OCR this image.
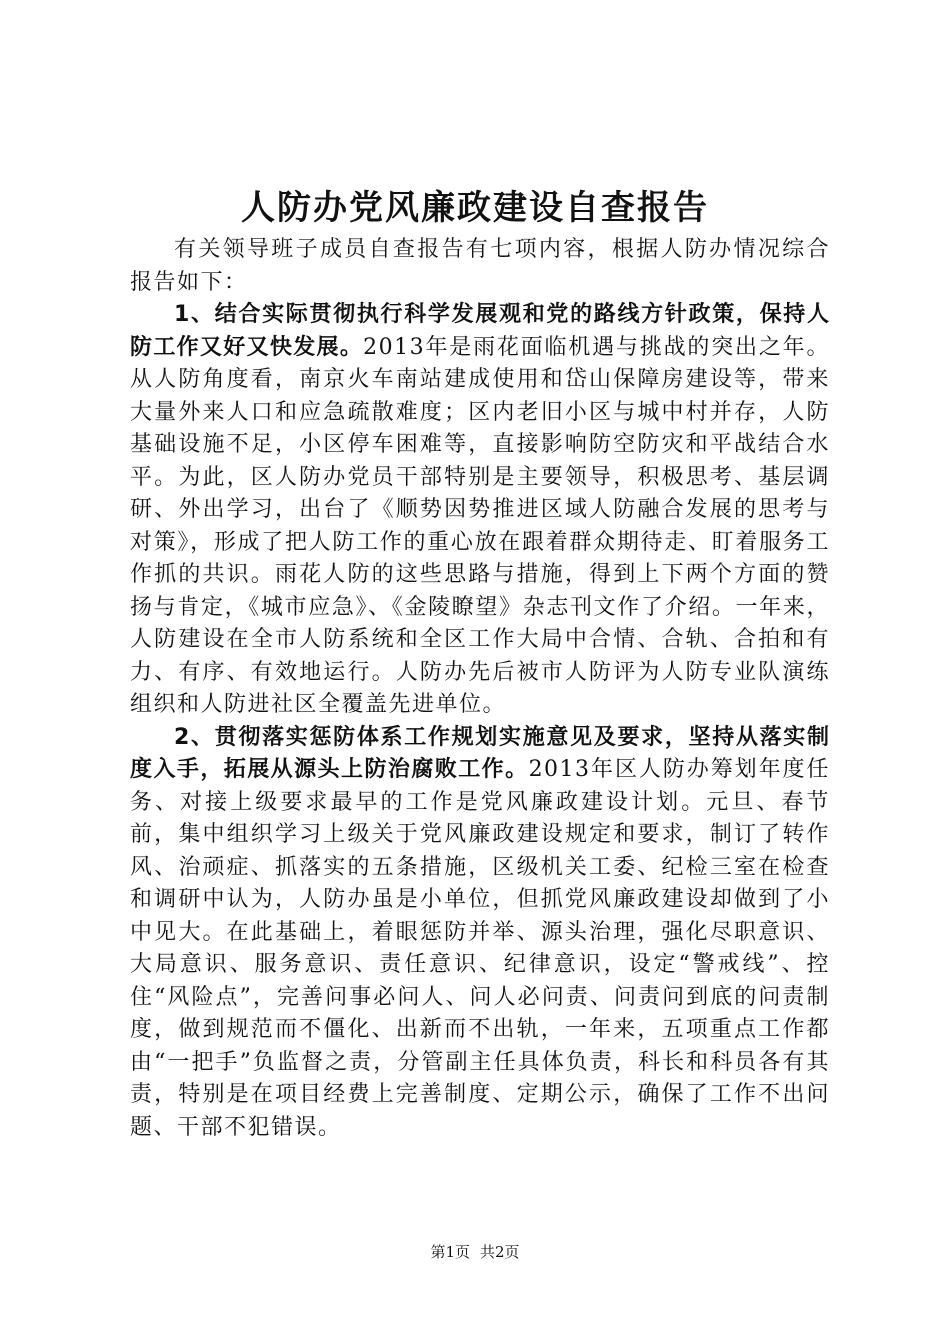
人防办党风廉政建设自查报告

有关领导班子成员自查报告有七项内容，根据人防办情况综合报告如下：

1、结合实际贯彻执行科学发展观和党的路线方针政策，保持人防工作又好又快发展。2013年是雨花面临机遇与挑战的突出之年。从人防角度看，南京火车南站建成使用和岱山保障房建设等，带来大量外来人口和应急疏散难度；区内老旧小区与城中村并存，人防基础设施不足，小区停车困难等，直接影响防空防灾和平战结合水平。为此，区人防办党员干部特别是主要领导，积极思考、基层调研、外出学习，出台了《顺势因势推进区域人防融合发展的思考与对策》，形成了把人防工作的重心放在跟着群众期待走、盯着服务工作抓的共识。雨花人防的这些思路与措施，得到上下两个方面的赞扬与肯定，《城市应急》、《金陵瞭望》杂志刊文作了介绍。一年来，人防建设在全市人防系统和全区工作大局中合情、合轨、合拍和有力、有序、有效地运行。人防办先后被市人防评为人防专业队演练组织和人防进社区全覆盖先进单位。

2、贯彻落实惩防体系工作规划实施意见及要求，坚持从落实制度入手，拓展从源头上防治腐败工作。2013年区人防办筹划年度任务、对接上级要求最早的工作是党风廉政建设计划。元旦、春节前，集中组织学习上级关于党风廉政建设规定和要求，制订了转作风、治顽症、抓落实的五条措施，区级机关工委、纪检三室在检查和调研中认为，人防办虽是小单位，但抓党风廉政建设却做到了小中见大。在此基础上，着眼惩防并举、源头治理，强化尽职意识、大局意识、服务意识、责任意识、纪律意识，设定“警戒线”、控住“风险点”，完善问事必问人、问人必问责、问责问到底的问责制度，做到规范而不僵化、出新而不出轨，一年来，五项重点工作都由“一把手”负监督之责，分管副主任具体负责，科长和科员各有其责，特别是在项目经费上完善制度、定期公示，确保了工作不出问题、干部不犯错误。

第1页 共2页
